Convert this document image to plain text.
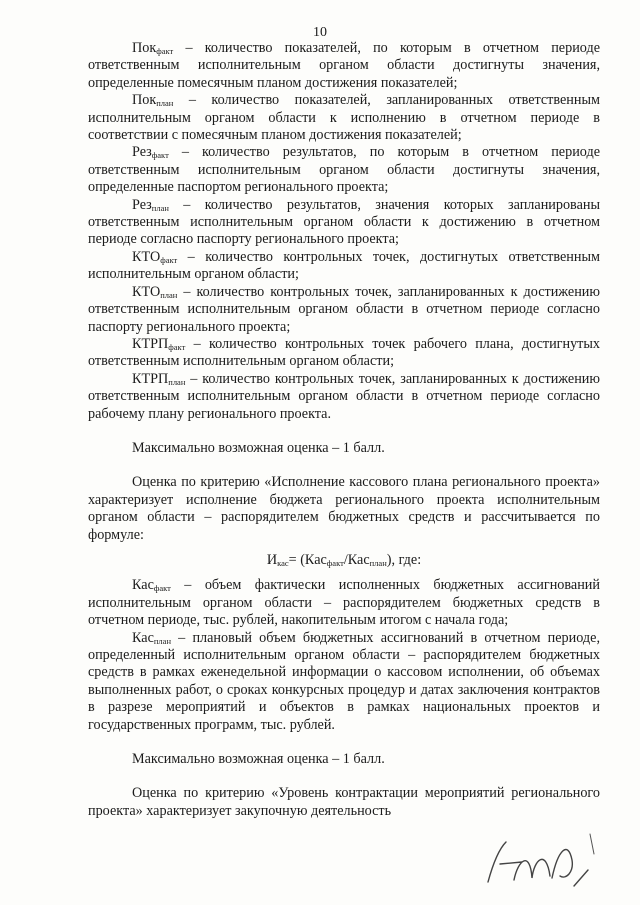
10

Пок$_{факт}$ – количество показателей, по которым в отчетном периоде ответственным исполнительным органом области достигнуты значения, определенные помесячным планом достижения показателей;

Пок$_{план}$ – количество показателей, запланированных ответственным исполнительным органом области к исполнению в отчетном периоде в соответствии с помесячным планом достижения показателей;

Рез$_{факт}$ – количество результатов, по которым в отчетном периоде ответственным исполнительным органом области достигнуты значения, определенные паспортом регионального проекта;

Рез$_{план}$ – количество результатов, значения которых запланированы ответственным исполнительным органом области к достижению в отчетном периоде согласно паспорту регионального проекта;

$КТО_{факт}$ – количество контрольных точек, достигнутых ответственным исполнительным органом области;

$КТО_{план}$ – количество контрольных точек, запланированных к достижению ответственным исполнительным органом области в отчетном периоде согласно паспорту регионального проекта;

$КТРП_{факт}$ – количество контрольных точек рабочего плана, достигнутых ответственным исполнительным органом области;

$КТРП_{план}$ – количество контрольных точек, запланированных к достижению ответственным исполнительным органом области в отчетном периоде согласно рабочему плану регионального проекта.

Максимально возможная оценка – 1 балл.

Оценка по критерию «Исполнение кассового плана регионального проекта» характеризует исполнение бюджета регионального проекта исполнительным органом области – распорядителем бюджетных средств и рассчитывается по формуле:

$И_{кас}= (Кас_{факт}/Кас_{план})$, где:

Кас$_{факт}$ – объем фактически исполненных бюджетных ассигнований исполнительным органом области – распорядителем бюджетных средств в отчетном периоде, тыс. рублей, накопительным итогом с начала года;

Кас$_{план}$ – плановый объем бюджетных ассигнований в отчетном периоде, определенный исполнительным органом области – распорядителем бюджетных средств в рамках еженедельной информации о кассовом исполнении, об объемах выполненных работ, о сроках конкурсных процедур и датах заключения контрактов в разрезе мероприятий и объектов в рамках национальных проектов и государственных программ, тыс. рублей.

Максимально возможная оценка – 1 балл.

Оценка по критерию «Уровень контрактации мероприятий регионального проекта» характеризует закупочную деятельность
